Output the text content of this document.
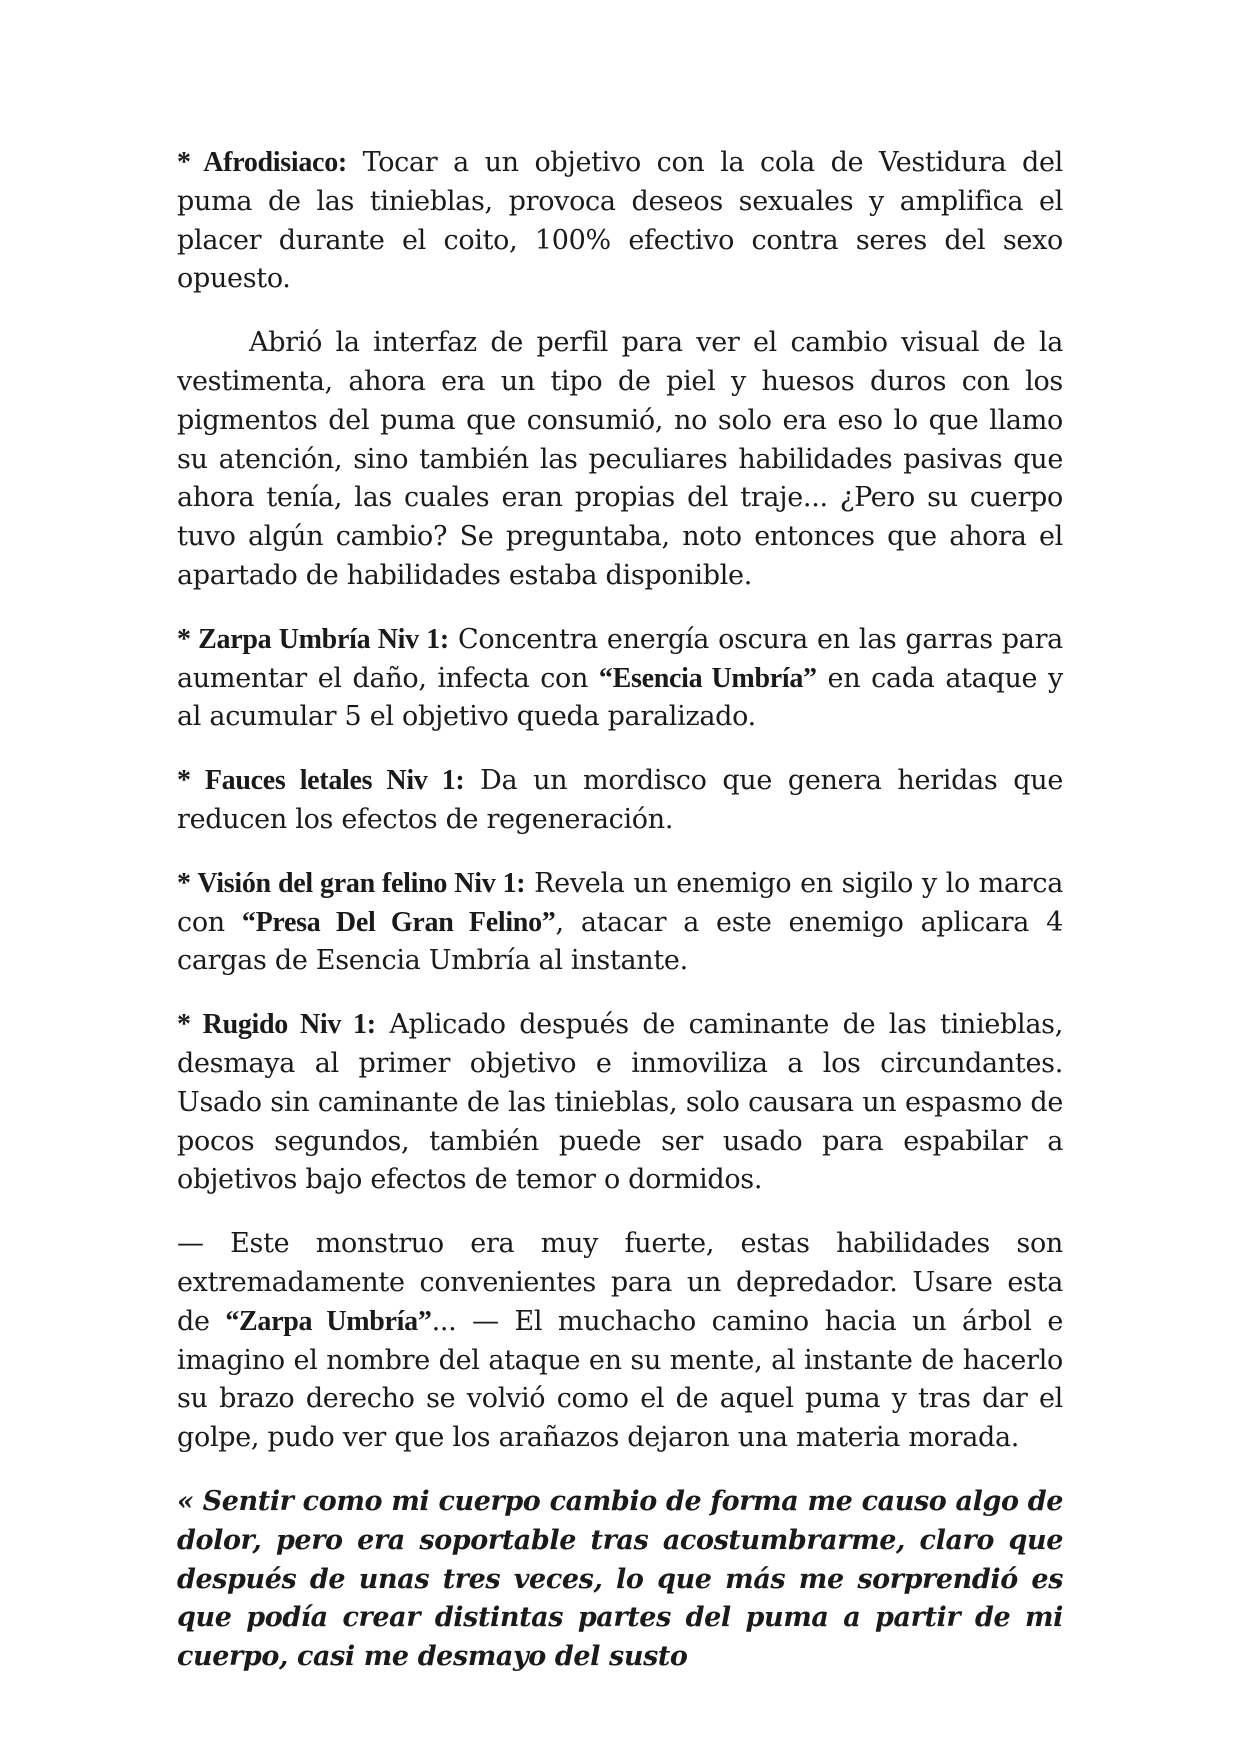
* Afrodisiaco: Tocar a un objetivo con la cola de Vestidura del puma de las tinieblas, provoca deseos sexuales y amplifica el placer durante el coito, 100% efectivo contra seres del sexo opuesto.

Abrió la interfaz de perfil para ver el cambio visual de la vestimenta, ahora era un tipo de piel y huesos duros con los pigmentos del puma que consumió, no solo era eso lo que llamo su atención, sino también las peculiares habilidades pasivas que ahora tenía, las cuales eran propias del traje... ¿Pero su cuerpo tuvo algún cambio? Se preguntaba, noto entonces que ahora el apartado de habilidades estaba disponible.

* Zarpa Umbría Niv 1: Concentra energía oscura en las garras para aumentar el daño, infecta con “Esencia Umbría” en cada ataque y al acumular 5 el objetivo queda paralizado.

* Fauces letales Niv 1: Da un mordisco que genera heridas que reducen los efectos de regeneración.

* Visión del gran felino Niv 1: Revela un enemigo en sigilo y lo marca con “Presa Del Gran Felino”, atacar a este enemigo aplicara 4 cargas de Esencia Umbría al instante.

* Rugido Niv 1: Aplicado después de caminante de las tinieblas, desmaya al primer objetivo e inmoviliza a los circundantes. Usado sin caminante de las tinieblas, solo causara un espasmo de pocos segundos, también puede ser usado para espabilar a objetivos bajo efectos de temor o dormidos.

— Este monstruo era muy fuerte, estas habilidades son extremadamente convenientes para un depredador. Usare esta de “Zarpa Umbría”... — El muchacho camino hacia un árbol e imagino el nombre del ataque en su mente, al instante de hacerlo su brazo derecho se volvió como el de aquel puma y tras dar el golpe, pudo ver que los arañazos dejaron una materia morada.

« Sentir como mi cuerpo cambio de forma me causo algo de dolor, pero era soportable tras acostumbrarme, claro que después de unas tres veces, lo que más me sorprendió es que podía crear distintas partes del puma a partir de mi cuerpo, casi me desmayo del susto
